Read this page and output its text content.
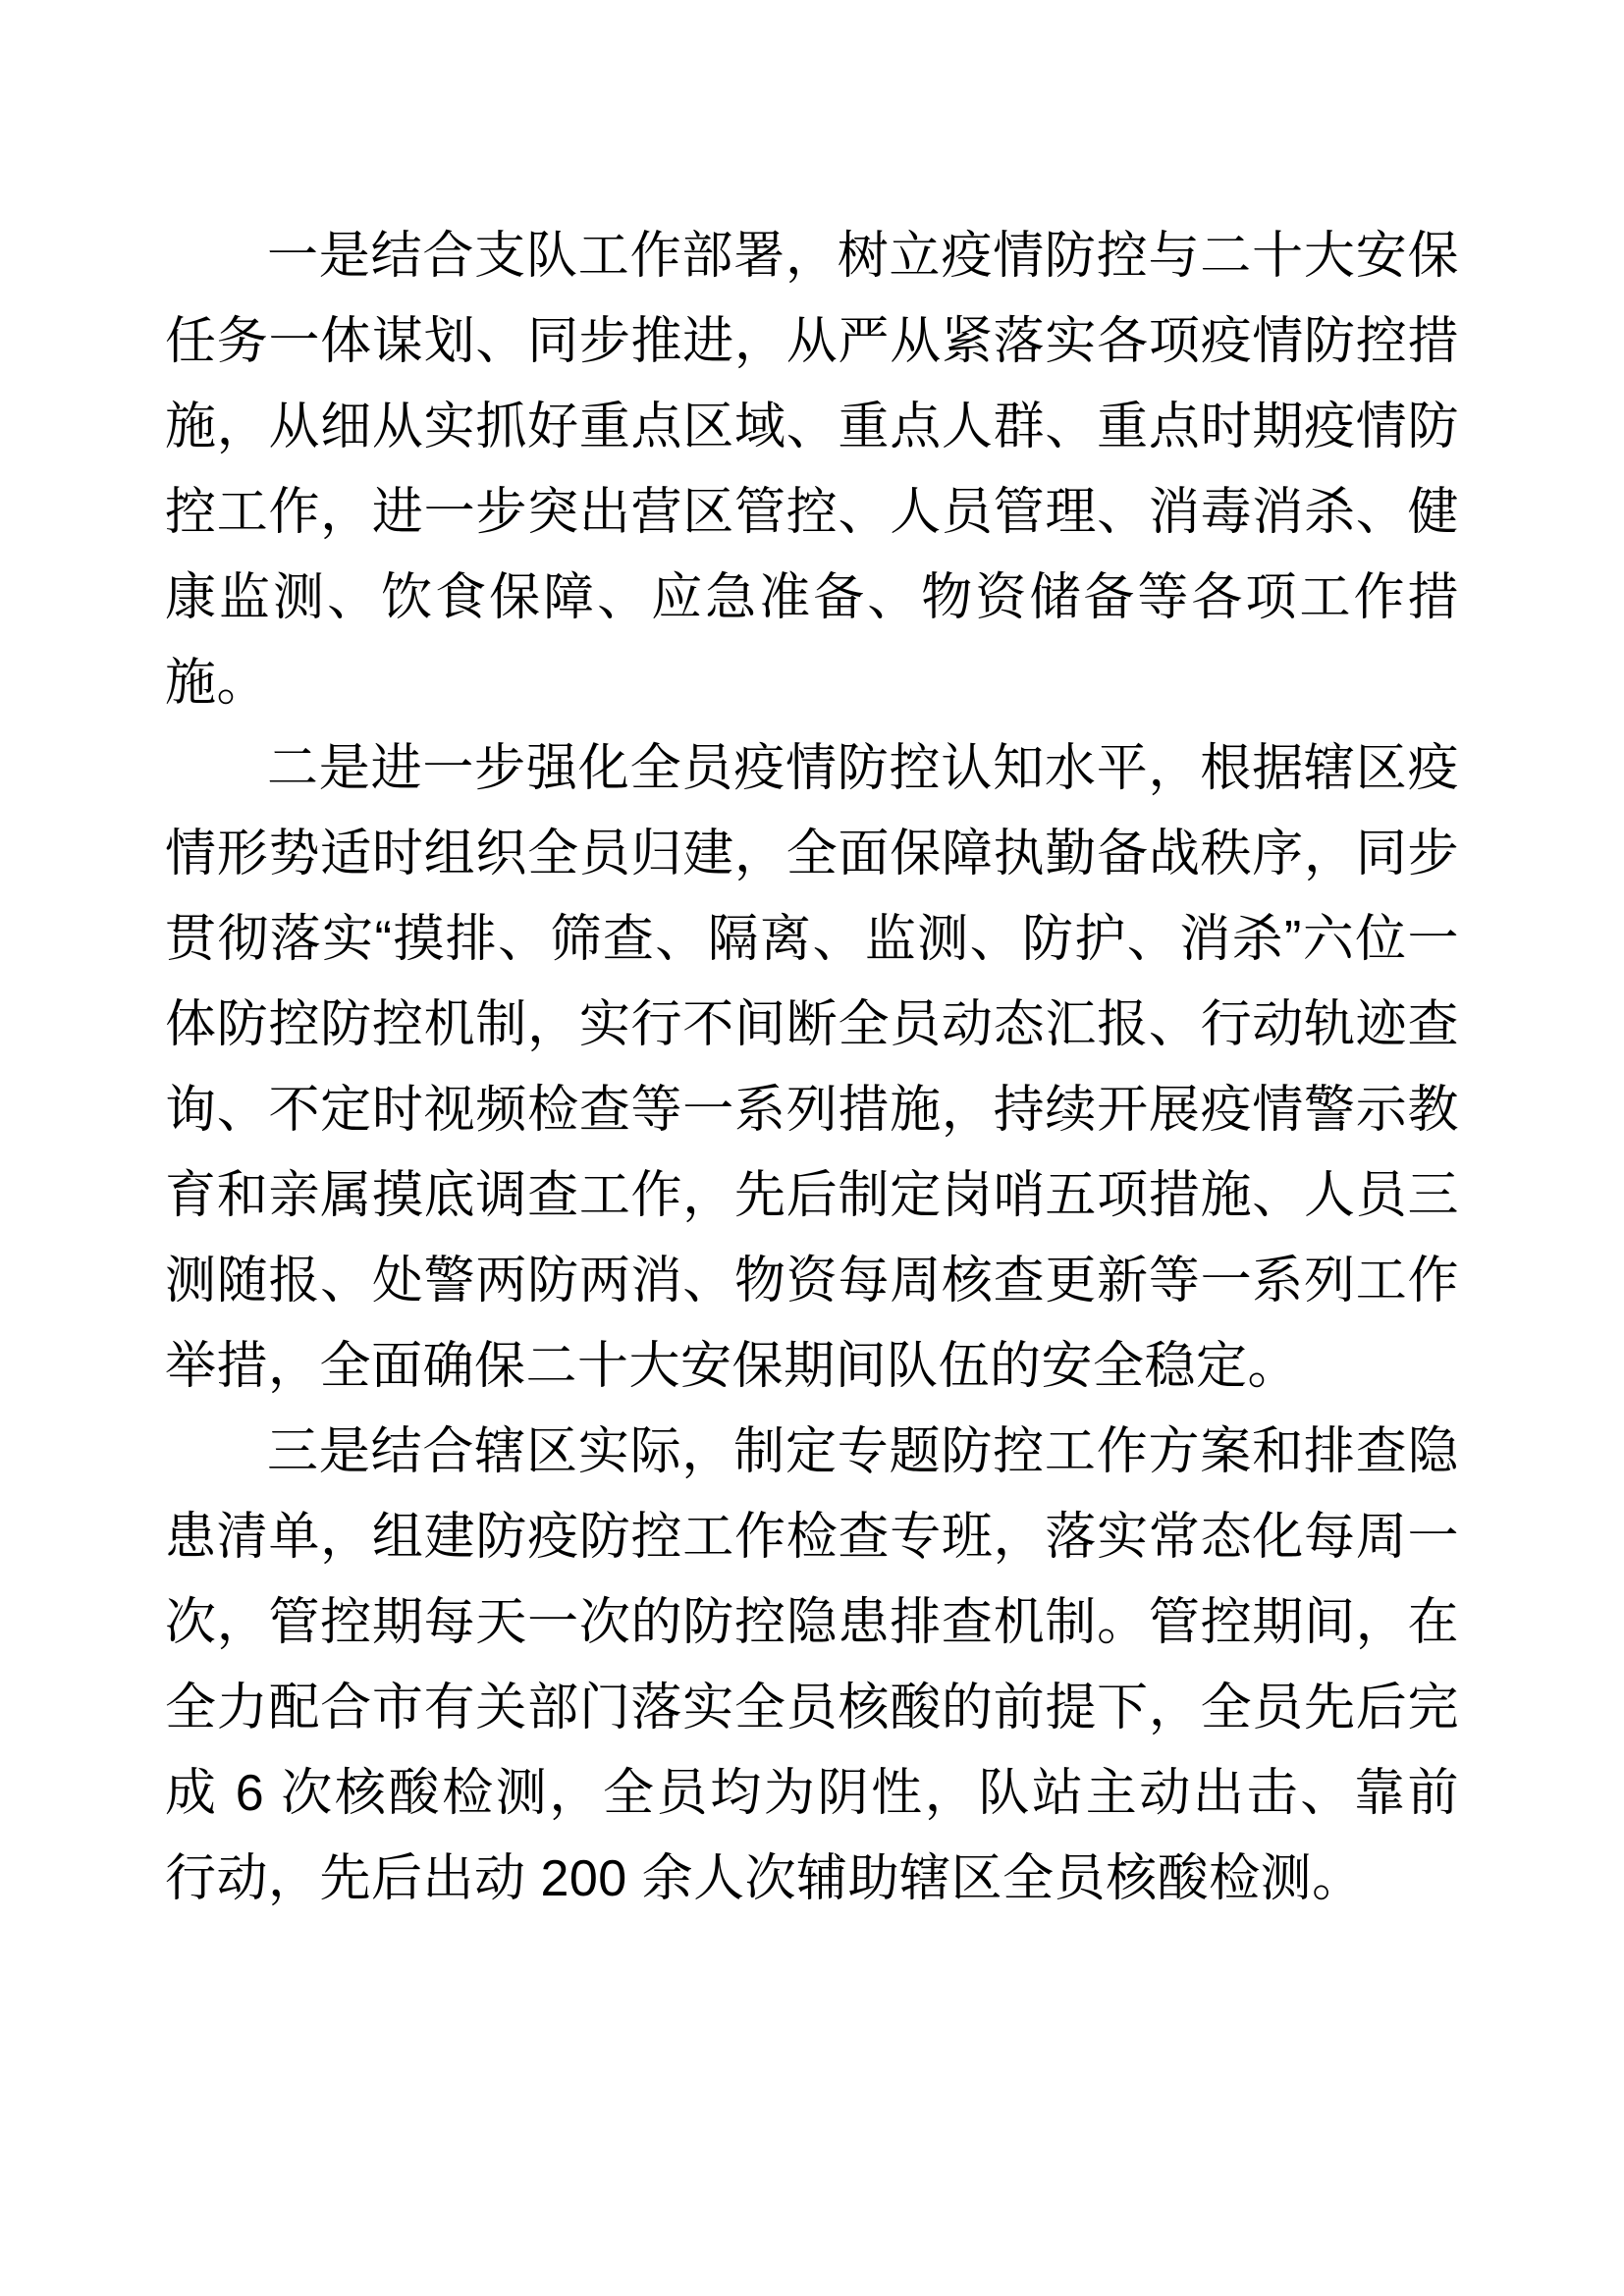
一是结合支队工作部署，树立疫情防控与二十大安保任务一体谋划、同步推进，从严从紧落实各项疫情防控措施，从细从实抓好重点区域、重点人群、重点时期疫情防控工作，进一步突出营区管控、人员管理、消毒消杀、健康监测、饮食保障、应急准备、物资储备等各项工作措施。

二是进一步强化全员疫情防控认知水平，根据辖区疫情形势适时组织全员归建，全面保障执勤备战秩序，同步贯彻落实“摸排、筛查、隔离、监测、防护、消杀”六位一体防控防控机制，实行不间断全员动态汇报、行动轨迹查询、不定时视频检查等一系列措施，持续开展疫情警示教育和亲属摸底调查工作，先后制定岗哨五项措施、人员三测随报、处警两防两消、物资每周核查更新等一系列工作举措，全面确保二十大安保期间队伍的安全稳定。

三是结合辖区实际，制定专题防控工作方案和排查隐患清单，组建防疫防控工作检查专班，落实常态化每周一次，管控期每天一次的防控隐患排查机制。管控期间，在全力配合市有关部门落实全员核酸的前提下，全员先后完成 6 次核酸检测，全员均为阴性，队站主动出击、靠前行动，先后出动 200 余人次辅助辖区全员核酸检测。
